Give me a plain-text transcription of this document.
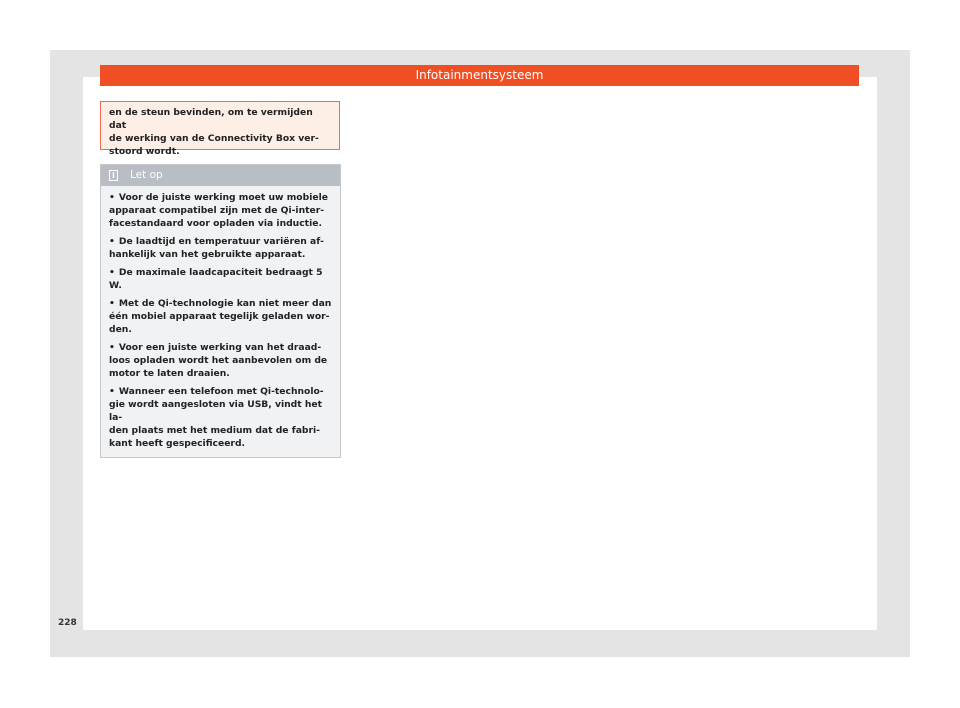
Infotainmentsysteem
en de steun bevinden, om te vermijden dat
de werking van de Connectivity Box ver-
stoord wordt.
i Let op
• Voor de juiste werking moet uw mobiele
apparaat compatibel zijn met de Qi-inter-
facestandaard voor opladen via inductie.
• De laadtijd en temperatuur variëren af-
hankelijk van het gebruikte apparaat.
• De maximale laadcapaciteit bedraagt 5
W.
• Met de Qi-technologie kan niet meer dan
één mobiel apparaat tegelijk geladen wor-
den.
• Voor een juiste werking van het draad-
loos opladen wordt het aanbevolen om de
motor te laten draaien.
• Wanneer een telefoon met Qi-technolo-
gie wordt aangesloten via USB, vindt het la-
den plaats met het medium dat de fabri-
kant heeft gespecificeerd.
228
